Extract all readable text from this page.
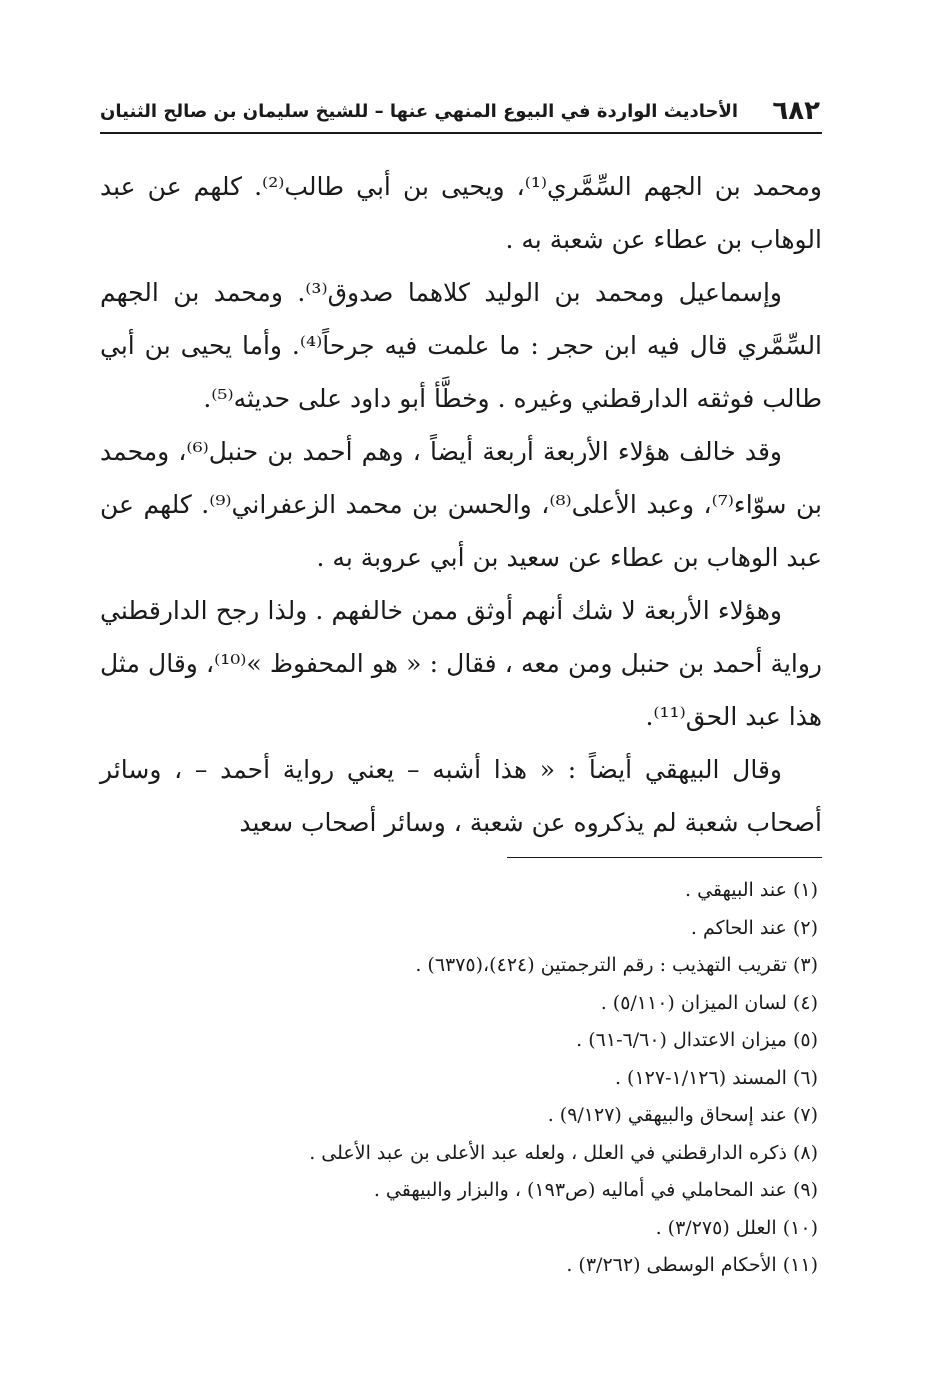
٦٨٢
الأحاديث الواردة في البيوع المنهي عنها – للشيخ سليمان بن صالح الثنيان

ومحمد بن الجهم السِّمَّري⁽¹⁾، ويحيى بن أبي طالب⁽²⁾. كلهم عن عبد الوهاب بن عطاء عن شعبة به .

وإسماعيل ومحمد بن الوليد كلاهما صدوق⁽³⁾. ومحمد بن الجهم السِّمَّري قال فيه ابن حجر : ما علمت فيه جرحاً⁽⁴⁾. وأما يحيى بن أبي طالب فوثقه الدارقطني وغيره . وخطَّأ أبو داود على حديثه⁽⁵⁾.

وقد خالف هؤلاء الأربعة أربعة أيضاً ، وهم أحمد بن حنبل⁽⁶⁾، ومحمد بن سوّاء⁽⁷⁾، وعبد الأعلى⁽⁸⁾، والحسن بن محمد الزعفراني⁽⁹⁾. كلهم عن عبد الوهاب بن عطاء عن سعيد بن أبي عروبة به .

وهؤلاء الأربعة لا شك أنهم أوثق ممن خالفهم . ولذا رجح الدارقطني رواية أحمد بن حنبل ومن معه ، فقال : « هو المحفوظ »⁽¹⁰⁾، وقال مثل هذا عبد الحق⁽¹¹⁾.

وقال البيهقي أيضاً : « هذا أشبه – يعني رواية أحمد – ، وسائر أصحاب شعبة لم يذكروه عن شعبة ، وسائر أصحاب سعيد

(١) عند البيهقي .
(٢) عند الحاكم .
(٣) تقريب التهذيب : رقم الترجمتين (٤٢٤)،(٦٣٧٥) .
(٤) لسان الميزان (٥/١١٠) .
(٥) ميزان الاعتدال (٦/٦٠-٦١) .
(٦) المسند (١/١٢٦-١٢٧) .
(٧) عند إسحاق والبيهقي (٩/١٢٧) .
(٨) ذكره الدارقطني في العلل ، ولعله عبد الأعلى بن عبد الأعلى .
(٩) عند المحاملي في أماليه (ص١٩٣) ، والبزار والبيهقي .
(١٠) العلل (٣/٢٧٥) .
(١١) الأحكام الوسطى (٣/٢٦٢) .
